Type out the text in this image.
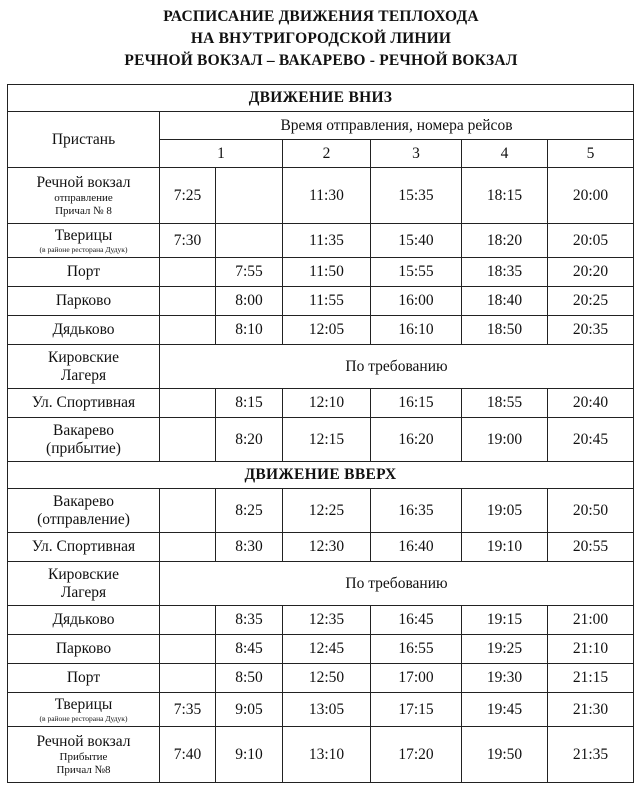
РАСПИСАНИЕ ДВИЖЕНИЯ ТЕПЛОХОДА
НА ВНУТРИГОРОДСКОЙ ЛИНИИ
РЕЧНОЙ ВОКЗАЛ – ВАКАРЕВО - РЕЧНОЙ ВОКЗАЛ
ДВИЖЕНИЕ ВНИЗ						
Пристань	Время отправления, номера рейсов					
	1		2	3	4	5

Речной вокзал
отправление
Причал № 8	7:25		11:30	15:35	18:15	20:00

Тверицы
(в районе ресторана Дудук)	7:30		11:35	15:40	18:20	20:05

Порт		7:55	11:50	15:55	18:35	20:20

Парково		8:00	11:55	16:00	18:40	20:25

Дядьково		8:10	12:05	16:10	18:50	20:35

Кировские
Лагеря	По требованию					

Ул. Спортивная		8:15	12:10	16:15	18:55	20:40

Вакарево
(прибытие)		8:20	12:15	16:20	19:00	20:45
ДВИЖЕНИЕ ВВЕРХ						

Вакарево
(отправление)		8:25	12:25	16:35	19:05	20:50

Ул. Спортивная		8:30	12:30	16:40	19:10	20:55

Кировские
Лагеря	По требованию					

Дядьково		8:35	12:35	16:45	19:15	21:00

Парково		8:45	12:45	16:55	19:25	21:10

Порт		8:50	12:50	17:00	19:30	21:15

Тверицы
(в районе ресторана Дудук)	7:35	9:05	13:05	17:15	19:45	21:30

Речной вокзал
Прибытие
Причал №8	7:40	9:10	13:10	17:20	19:50	21:35
